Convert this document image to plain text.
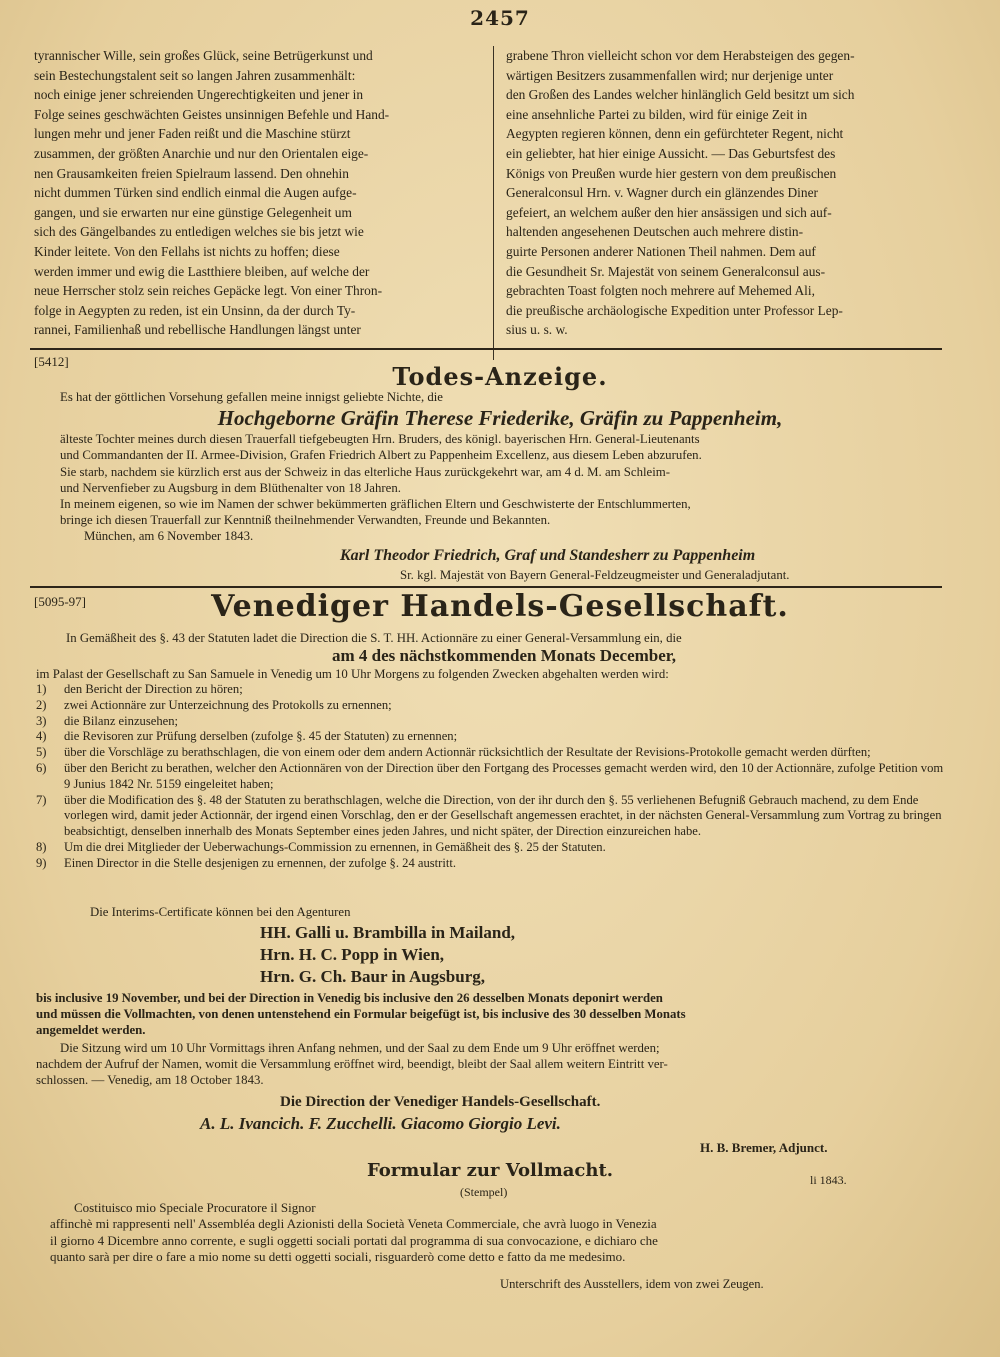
2457
tyrannischer Wille, sein großes Glück, seine Betrügerkunst und
sein Bestechungstalent seit so langen Jahren zusammenhält:
noch einige jener schreienden Ungerechtigkeiten und jener in
Folge seines geschwächten Geistes unsinnigen Befehle und Hand-
lungen mehr und jener Faden reißt und die Maschine stürzt
zusammen, der größten Anarchie und nur den Orientalen eige-
nen Grausamkeiten freien Spielraum lassend. Den ohnehin
nicht dummen Türken sind endlich einmal die Augen aufge-
gangen, und sie erwarten nur eine günstige Gelegenheit um
sich des Gängelbandes zu entledigen welches sie bis jetzt wie
Kinder leitete. Von den Fellahs ist nichts zu hoffen; diese
werden immer und ewig die Lastthiere bleiben, auf welche der
neue Herrscher stolz sein reiches Gepäcke legt. Von einer Thron-
folge in Aegypten zu reden, ist ein Unsinn, da der durch Ty-
rannei, Familienhaß und rebellische Handlungen längst unter
grabene Thron vielleicht schon vor dem Herabsteigen des gegen-
wärtigen Besitzers zusammenfallen wird; nur derjenige unter
den Großen des Landes welcher hinlänglich Geld besitzt um sich
eine ansehnliche Partei zu bilden, wird für einige Zeit in
Aegypten regieren können, denn ein gefürchteter Regent, nicht
ein geliebter, hat hier einige Aussicht. — Das Geburtsfest des
Königs von Preußen wurde hier gestern von dem preußischen
Generalconsul Hrn. v. Wagner durch ein glänzendes Diner
gefeiert, an welchem außer den hier ansässigen und sich auf-
haltenden angesehenen Deutschen auch mehrere distin-
guirte Personen anderer Nationen Theil nahmen. Dem auf
die Gesundheit Sr. Majestät von seinem Generalconsul aus-
gebrachten Toast folgten noch mehrere auf Mehemed Ali,
die preußische archäologische Expedition unter Professor Lep-
sius u. s. w.
[5412]
Todes-Anzeige.
Es hat der göttlichen Vorsehung gefallen meine innigst geliebte Nichte, die
Hochgeborne Gräfin Therese Friederike, Gräfin zu Pappenheim,
älteste Tochter meines durch diesen Trauerfall tiefgebeugten Hrn. Bruders, des königl. bayerischen Hrn. General-Lieutenants
und Commandanten der II. Armee-Division, Grafen Friedrich Albert zu Pappenheim Excellenz, aus diesem Leben abzurufen.
Sie starb, nachdem sie kürzlich erst aus der Schweiz in das elterliche Haus zurückgekehrt war, am 4 d. M. am Schleim-
und Nervenfieber zu Augsburg in dem Blüthenalter von 18 Jahren.
In meinem eigenen, so wie im Namen der schwer bekümmerten gräflichen Eltern und Geschwisterte der Entschlummerten,
bringe ich diesen Trauerfall zur Kenntniß theilnehmender Verwandten, Freunde und Bekannten.
München, am 6 November 1843.
Karl Theodor Friedrich, Graf und Standesherr zu Pappenheim
Sr. kgl. Majestät von Bayern General-Feldzeugmeister und Generaladjutant.
[5095-97]	Venediger Handels-Gesellschaft.
In Gemäßheit des §. 43 der Statuten ladet die Direction die S. T. HH. Actionnäre zu einer General-Versammlung ein, die
am 4 des nächstkommenden Monats December,
im Palast der Gesellschaft zu San Samuele in Venedig um 10 Uhr Morgens zu folgenden Zwecken abgehalten werden wird:
1)	den Bericht der Direction zu hören;
2)	zwei Actionnäre zur Unterzeichnung des Protokolls zu ernennen;
3)	die Bilanz einzusehen;
4)	die Revisoren zur Prüfung derselben (zufolge §. 45 der Statuten) zu ernennen;
5)	über die Vorschläge zu berathschlagen, die von einem oder dem andern Actionnär rücksichtlich der Resultate der Revisions-Protokolle gemacht werden dürften;
6)	über den Bericht zu berathen, welcher den Actionnären von der Direction über den Fortgang des Processes gemacht werden wird, den 10 der Actionnäre, zufolge Petition vom 9 Junius 1842 Nr. 5159 eingeleitet haben;
7)	über die Modification des §. 48 der Statuten zu berathschlagen, welche die Direction, von der ihr durch den §. 55 verliehenen Befugniß Gebrauch machend, zu dem Ende vorlegen wird, damit jeder Actionnär, der irgend einen Vorschlag, den er der Gesellschaft angemessen erachtet, in der nächsten General-Versammlung zum Vortrag zu bringen beabsichtigt, denselben innerhalb des Monats September eines jeden Jahres, und nicht später, der Direction einzureichen habe.
8)	Um die drei Mitglieder der Ueberwachungs-Commission zu ernennen, in Gemäßheit des §. 25 der Statuten.
9)	Einen Director in die Stelle desjenigen zu ernennen, der zufolge §. 24 austritt.
Die Interims-Certificate können bei den Agenturen
HH. Galli u. Brambilla in Mailand,
Hrn. H. C. Popp in Wien,
Hrn. G. Ch. Baur in Augsburg,
bis inclusive 19 November, und bei der Direction in Venedig bis inclusive den 26 desselben Monats deponirt werden
und müssen die Vollmachten, von denen untenstehend ein Formular beigefügt ist, bis inclusive des 30 desselben Monats
angemeldet werden.
Die Sitzung wird um 10 Uhr Vormittags ihren Anfang nehmen, und der Saal zu dem Ende um 9 Uhr eröffnet werden;
nachdem der Aufruf der Namen, womit die Versammlung eröffnet wird, beendigt, bleibt der Saal allem weitern Eintritt ver-
schlossen. — Venedig, am 18 October 1843.
Die Direction der Venediger Handels-Gesellschaft.
A. L. Ivancich. F. Zucchelli. Giacomo Giorgio Levi.
H. B. Bremer, Adjunct.
Formular zur Vollmacht.
(Stempel)
li 1843.
Costituisco mio Speciale Procuratore il Signor
affinchè mi rappresenti nell' Assembléa degli Azionisti della Società Veneta Commerciale, che avrà luogo in Venezia
il giorno 4 Dicembre anno corrente, e sugli oggetti sociali portati dal programma di sua convocazione, e dichiaro che
quanto sarà per dire o fare a mio nome su detti oggetti sociali, risguarderò come detto e fatto da me medesimo.
Unterschrift des Ausstellers, idem von zwei Zeugen.
